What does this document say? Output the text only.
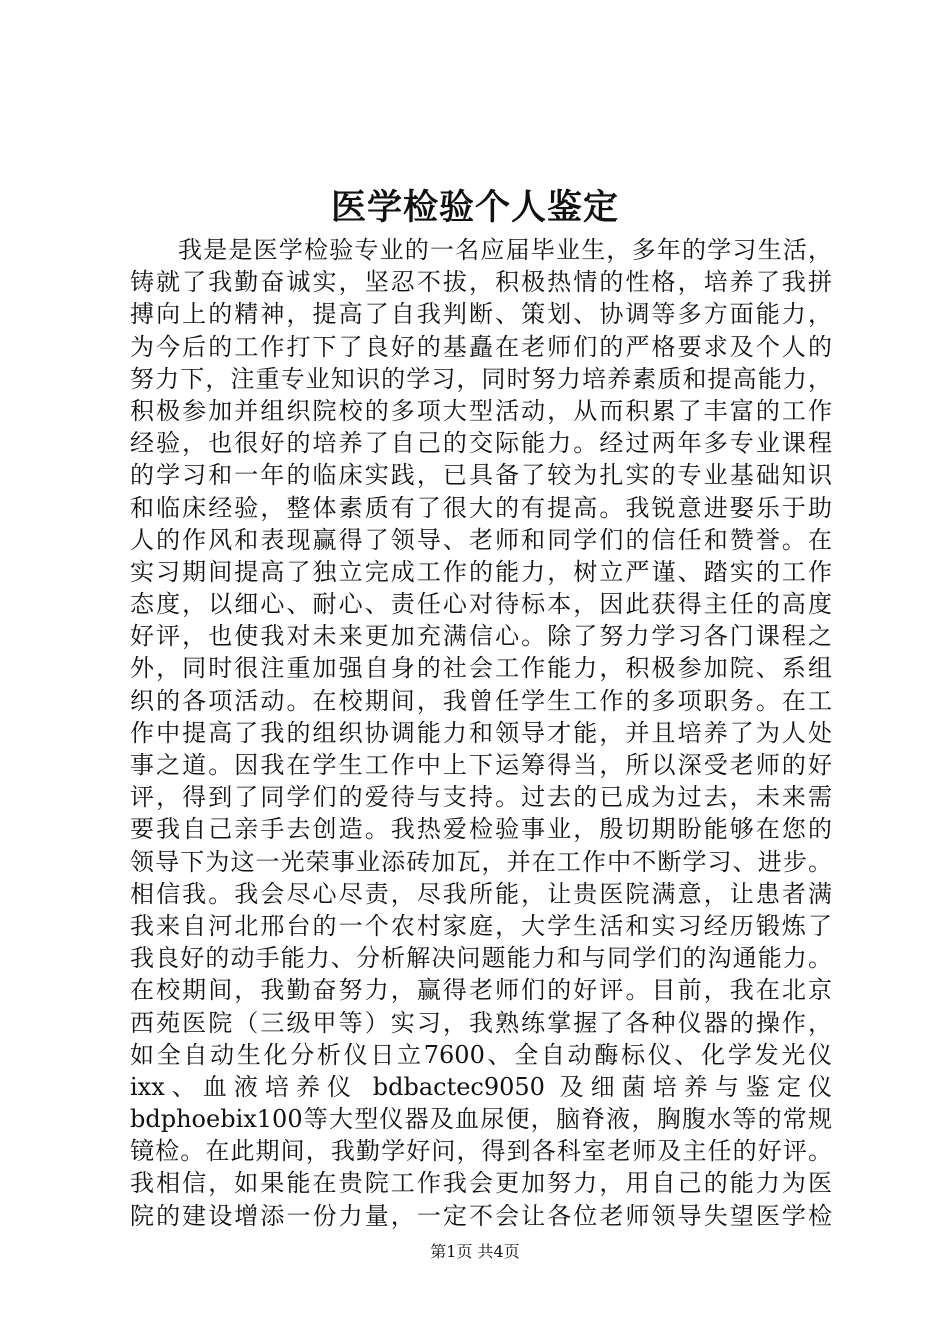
医学检验个人鉴定
我是是医学检验专业的一名应届毕业生，多年的学习生活，
铸就了我勤奋诚实，坚忍不拔，积极热情的性格，培养了我拼
搏向上的精神，提高了自我判断、策划、协调等多方面能力，
为今后的工作打下了良好的基矗在老师们的严格要求及个人的
努力下，注重专业知识的学习，同时努力培养素质和提高能力，
积极参加并组织院校的多项大型活动，从而积累了丰富的工作
经验，也很好的培养了自己的交际能力。经过两年多专业课程
的学习和一年的临床实践，已具备了较为扎实的专业基础知识
和临床经验，整体素质有了很大的有提高。我锐意进娶乐于助
人的作风和表现赢得了领导、老师和同学们的信任和赞誉。在
实习期间提高了独立完成工作的能力，树立严谨、踏实的工作
态度，以细心、耐心、责任心对待标本，因此获得主任的高度
好评，也使我对未来更加充满信心。除了努力学习各门课程之
外，同时很注重加强自身的社会工作能力，积极参加院、系组
织的各项活动。在校期间，我曾任学生工作的多项职务。在工
作中提高了我的组织协调能力和领导才能，并且培养了为人处
事之道。因我在学生工作中上下运筹得当，所以深受老师的好
评，得到了同学们的爱待与支持。过去的已成为过去，未来需
要我自己亲手去创造。我热爱检验事业，殷切期盼能够在您的
领导下为这一光荣事业添砖加瓦，并在工作中不断学习、进步。
相信我。我会尽心尽责，尽我所能，让贵医院满意，让患者满
我来自河北邢台的一个农村家庭，大学生活和实习经历锻炼了
我良好的动手能力、分析解决问题能力和与同学们的沟通能力。
在校期间，我勤奋努力，赢得老师们的好评。目前，我在北京
西苑医院（三级甲等）实习，我熟练掌握了各种仪器的操作，
如全自动生化分析仪日立7600、全自动酶标仪、化学发光仪
ixx、血液培养仪 bdbactec9050 及细菌培养与鉴定仪
bdphoebix100等大型仪器及血尿便，脑脊液，胸腹水等的常规
镜检。在此期间，我勤学好问，得到各科室老师及主任的好评。
我相信，如果能在贵院工作我会更加努力，用自己的能力为医
院的建设增添一份力量，一定不会让各位老师领导失望医学检
第1页 共4页
